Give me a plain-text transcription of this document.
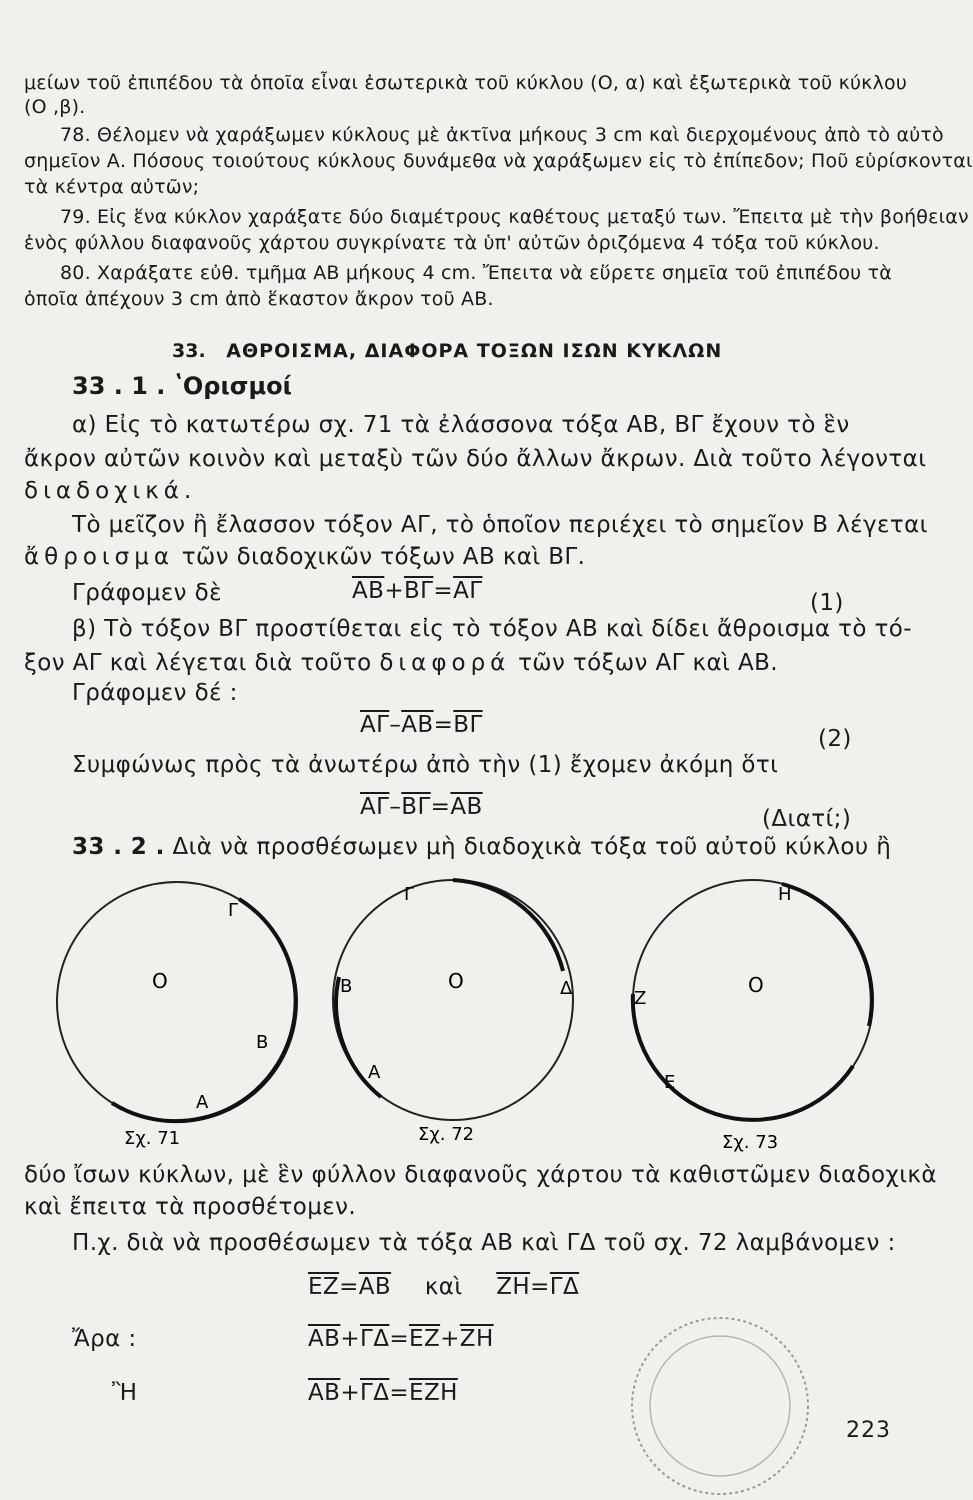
μείων τοῦ ἐπιπέδου τὰ ὁποῖα εἶναι ἐσωτερικὰ τοῦ κύκλου (O, α) καὶ ἐξωτερικὰ τοῦ κύκλου
(O ,β).
78. Θέλομεν νὰ χαράξωμεν κύκλους μὲ ἀκτῖνα μήκους 3 cm καὶ διερχομένους ἀπὸ τὸ αὐτὸ
σημεῖον Α. Πόσους τοιούτους κύκλους δυνάμεθα νὰ χαράξωμεν εἰς τὸ ἐπίπεδον; Ποῦ εὑρίσκονται
τὰ κέντρα αὐτῶν;
79. Εἰς ἕνα κύκλον χαράξατε δύο διαμέτρους καθέτους μεταξύ των. Ἔπειτα μὲ τὴν βοήθειαν
ἑνὸς φύλλου διαφανοῦς χάρτου συγκρίνατε τὰ ὑπ' αὐτῶν ὁριζόμενα 4 τόξα τοῦ κύκλου.
80. Χαράξατε εὐθ. τμῆμα ΑΒ μήκους 4 cm. Ἔπειτα νὰ εὕρετε σημεῖα τοῦ ἐπιπέδου τὰ
ὁποῖα ἀπέχουν 3 cm ἀπὸ ἕκαστον ἄκρον τοῦ ΑΒ.
33. ΑΘΡΟΙΣΜΑ, ΔΙΑΦΟΡΑ ΤΟΞΩΝ ΙΣΩΝ ΚΥΚΛΩΝ
33 . 1 . ʽΟρισμοί
α) Εἰς τὸ κατωτέρω σχ. 71 τὰ ἐλάσσονα τόξα ΑΒ, ΒΓ ἔχουν τὸ ἓν
ἄκρον αὐτῶν κοινὸν καὶ μεταξὺ τῶν δύο ἄλλων ἄκρων. Διὰ τοῦτο λέγονται
διαδοχικά.
Τὸ μεῖζον ἢ ἔλασσον τόξον ΑΓ, τὸ ὁποῖον περιέχει τὸ σημεῖον Β λέγεται
ἄθροισμα τῶν διαδοχικῶν τόξων ΑΒ καὶ ΒΓ.
Γράφομεν δὲ	$\overline{AB}+\overline{B\Gamma}=\overline{A\Gamma}$	(1)
β) Τὸ τόξον ΒΓ προστίθεται εἰς τὸ τόξον ΑΒ καὶ δίδει ἄθροισμα τὸ τό-
ξον ΑΓ καὶ λέγεται διὰ τοῦτο διαφορά τῶν τόξων ΑΓ καὶ ΑΒ.
Γράφομεν δέ :
$\overline{A\Gamma}-\overline{AB}=\overline{B\Gamma}$
(2)
Συμφώνως πρὸς τὰ ἀνωτέρω ἀπὸ τὴν (1) ἔχομεν ἀκόμη ὅτι
$\overline{A\Gamma}-\overline{B\Gamma}=\overline{AB}$	(Διατί;)
33 . 2 . Διὰ νὰ προσθέσωμεν μὴ διαδοχικὰ τόξα τοῦ αὐτοῦ κύκλου ἢ
O
Γ
Β
Α
Σχ. 71
O
Γ
Β	Δ
Α
Σχ. 72
O
Η
Ζ
Ε
Σχ. 73
δύο ἴσων κύκλων, μὲ ἓν φύλλον διαφανοῦς χάρτου τὰ καθιστῶμεν διαδοχικὰ
καὶ ἔπειτα τὰ προσθέτομεν.
Π.χ. διὰ νὰ προσθέσωμεν τὰ τόξα ΑΒ καὶ ΓΔ τοῦ σχ. 72 λαμβάνομεν :
$\overline{EZ}=\overline{AB}$ καὶ $\overline{ZH}=\overline{\Gamma\Delta}$
Ἄρα :	$\overline{AB}+\overline{\Gamma\Delta}=\overline{EZ}+\overline{ZH}$
Ἢ	$\overline{AB}+\overline{\Gamma\Delta}=\overline{EZH}$
223
